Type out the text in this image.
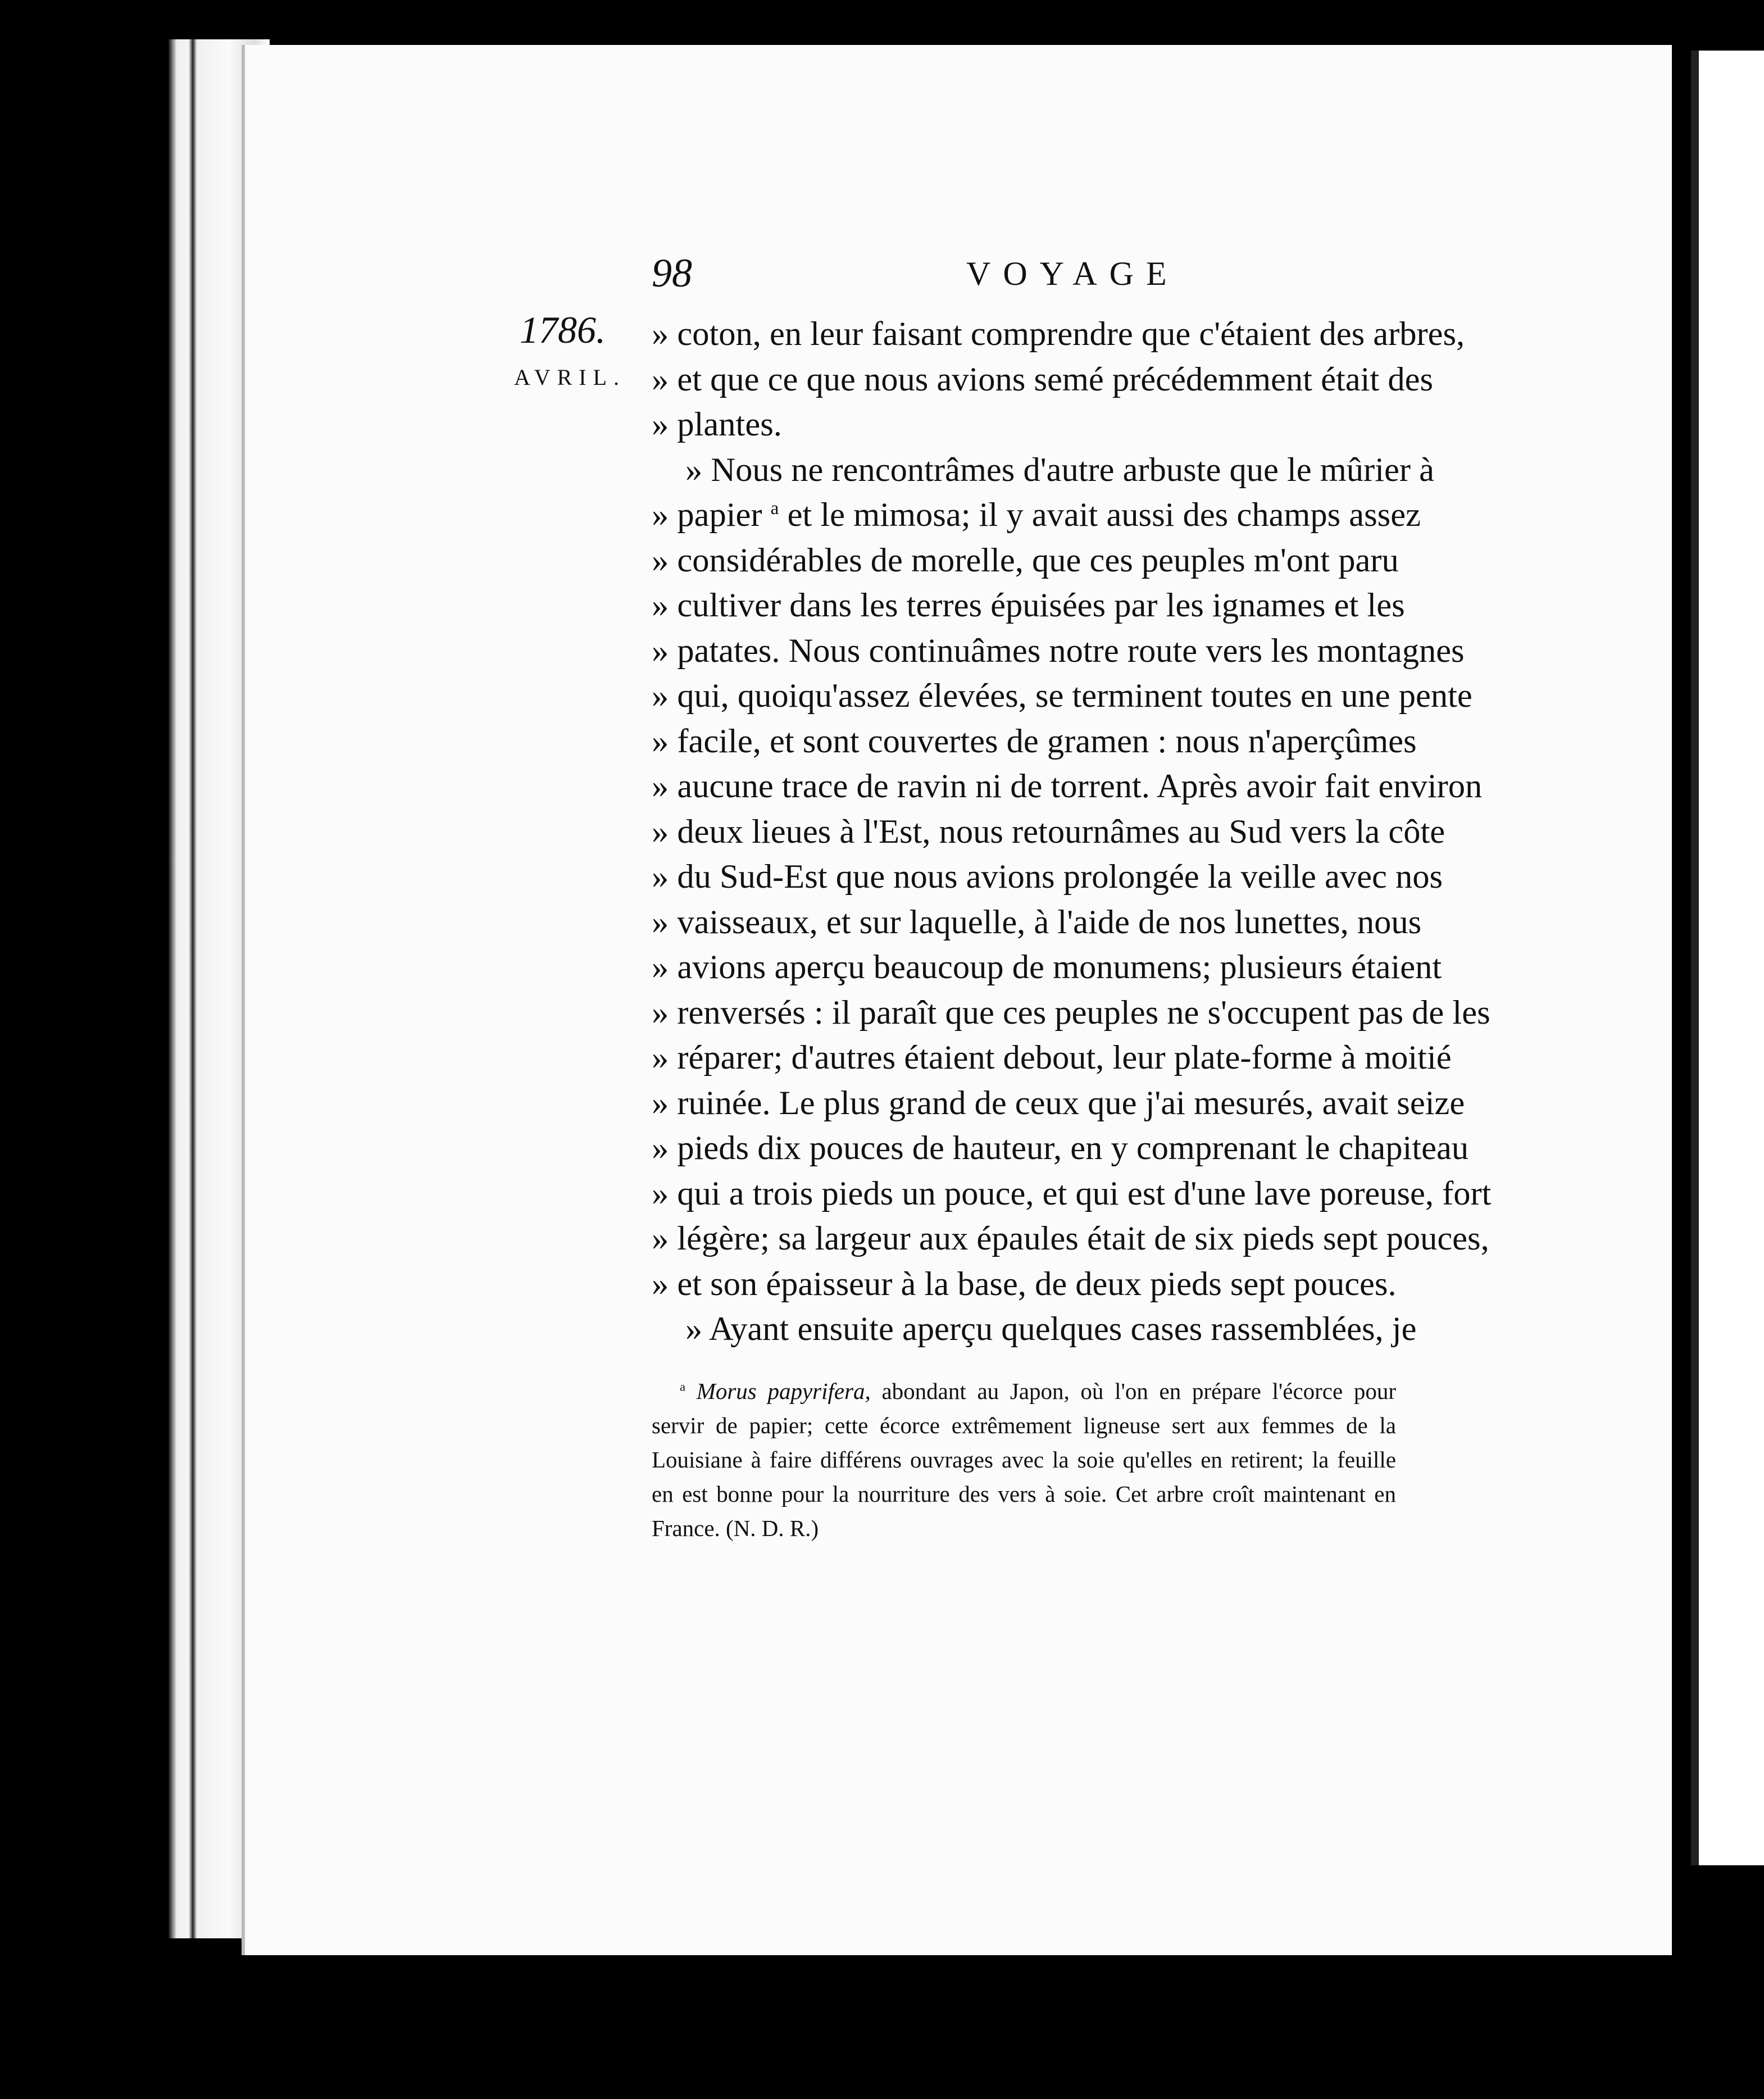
98	VOYAGE
1786.
AVRIL.
» coton, en leur faisant comprendre que c'étaient des arbres,
» et que ce que nous avions semé précédemment était des
» plantes.
» Nous ne rencontrâmes d'autre arbuste que le mûrier à
» papier $^a$ et le mimosa; il y avait aussi des champs assez
» considérables de morelle, que ces peuples m'ont paru
» cultiver dans les terres épuisées par les ignames et les
» patates. Nous continuâmes notre route vers les montagnes
» qui, quoiqu'assez élevées, se terminent toutes en une pente
» facile, et sont couvertes de gramen : nous n'aperçûmes
» aucune trace de ravin ni de torrent. Après avoir fait environ
» deux lieues à l'Est, nous retournâmes au Sud vers la côte
» du Sud-Est que nous avions prolongée la veille avec nos
» vaisseaux, et sur laquelle, à l'aide de nos lunettes, nous
» avions aperçu beaucoup de monumens; plusieurs étaient
» renversés : il paraît que ces peuples ne s'occupent pas de les
» réparer; d'autres étaient debout, leur plate-forme à moitié
» ruinée. Le plus grand de ceux que j'ai mesurés, avait seize
» pieds dix pouces de hauteur, en y comprenant le chapiteau
» qui a trois pieds un pouce, et qui est d'une lave poreuse, fort
» légère; sa largeur aux épaules était de six pieds sept pouces,
» et son épaisseur à la base, de deux pieds sept pouces.
» Ayant ensuite aperçu quelques cases rassemblées, je
$^a$ Morus papyrifera, abondant au Japon, où l'on en prépare l'écorce pour
servir de papier; cette écorce extrêmement ligneuse sert aux femmes de la
Louisiane à faire différens ouvrages avec la soie qu'elles en retirent; la feuille
en est bonne pour la nourriture des vers à soie. Cet arbre croît maintenant en
France. (N. D. R.)
